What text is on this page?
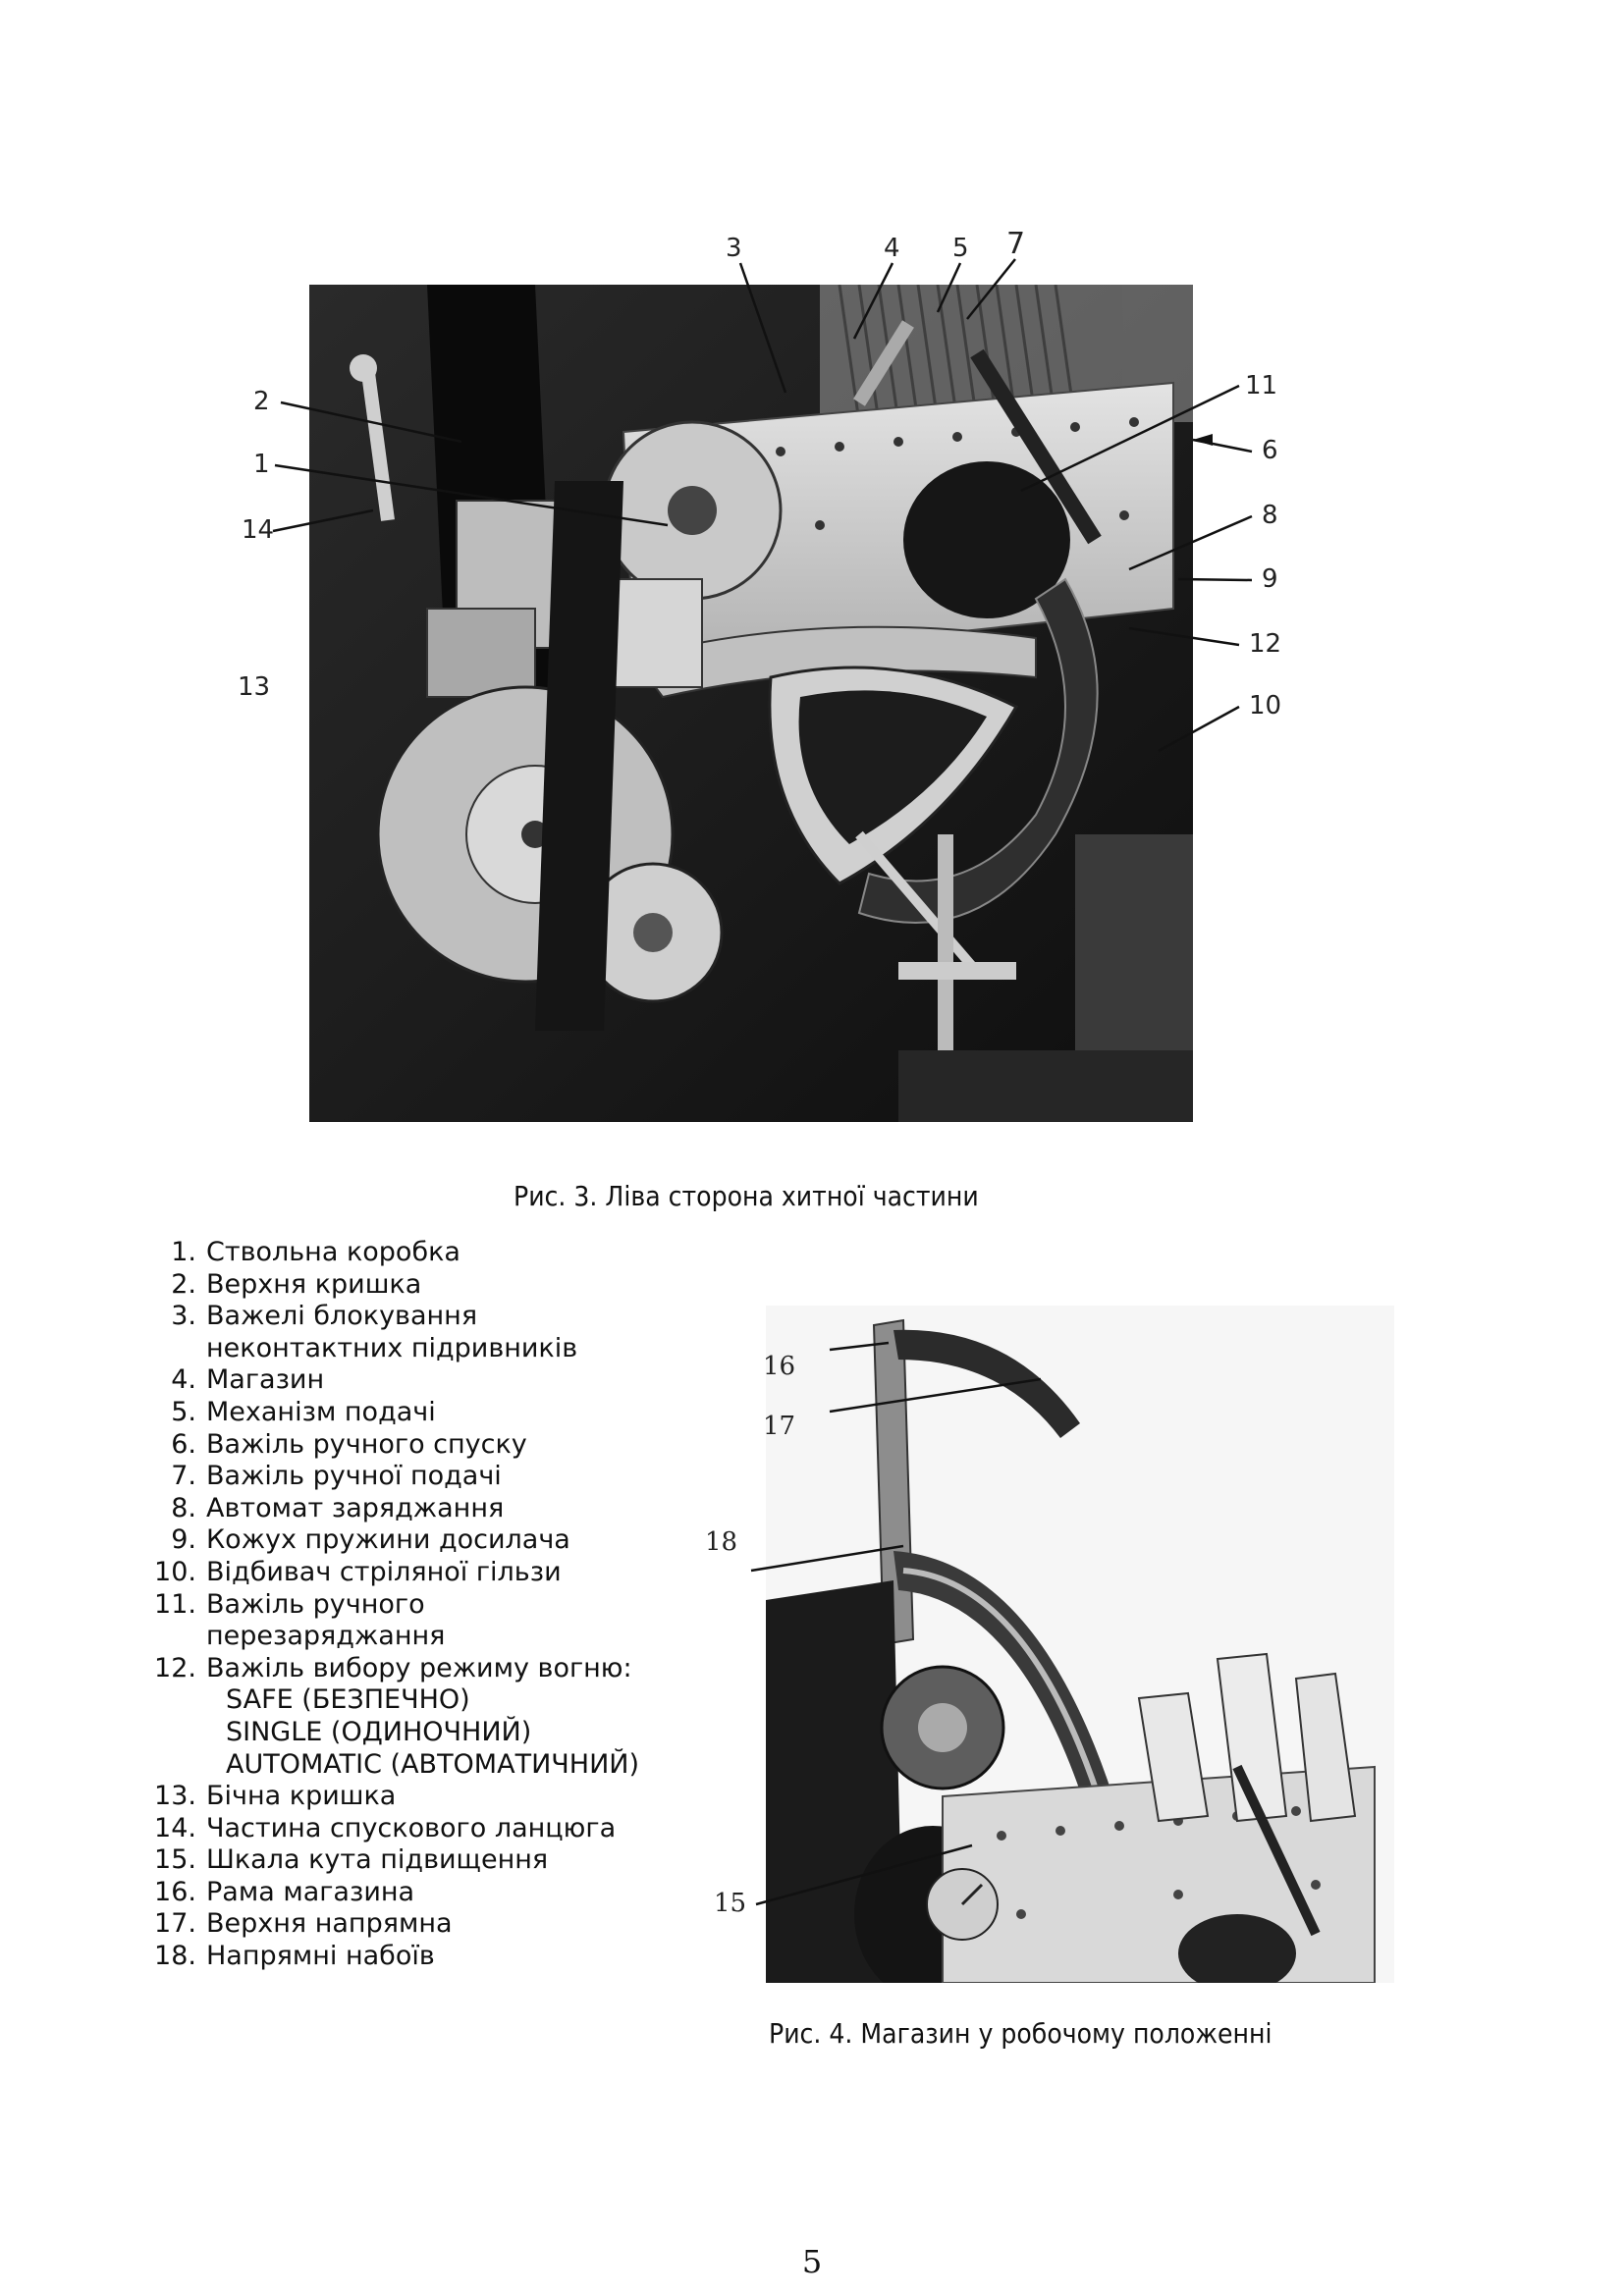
3	4 5 7
2
1
14
13
11
6
8
9
12
10
Рис. 3. Ліва сторона хитної частини
1. Ствольна коробка
2. Верхня кришка
3. Важелі блокування
неконтактних підривників
4. Магазин
5. Механізм подачі
6. Важіль ручного спуску
7. Важіль ручної подачі
8. Автомат заряджання
9. Кожух пружини досилача
10. Відбивач стріляної гільзи
11. Важіль ручного
перезаряджання
12. Важіль вибору режиму вогню:
SAFE (БЕЗПЕЧНО)
SINGLE (ОДИНОЧНИЙ)
AUTOMATIC (АВТОМАТИЧНИЙ)
13. Бічна кришка
14. Частина спускового ланцюга
15. Шкала кута підвищення
16. Рама магазина
17. Верхня напрямна
18. Напрямні набоїв
16
17
18
15
Рис. 4. Магазин у робочому положенні
5
